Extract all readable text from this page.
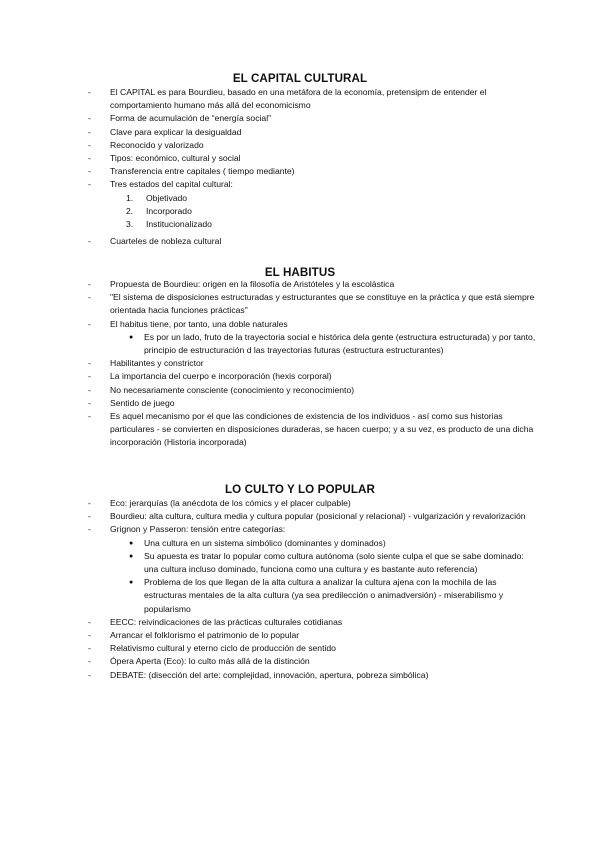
EL CAPITAL CULTURAL
- El CAPITAL es para Bourdieu, basado en una metáfora de la economía, pretensipm de entender el comportamiento humano más allá del economicismo
- Forma de acumulación de “energía social”
- Clave para explicar la desigualdad
- Reconocido y valorizado
- Tipos: económico, cultural y social
- Transferencia entre capitales ( tiempo mediante)
- Tres estados del capital cultural:
1. Objetivado
2. Incorporado
3. Institucionalizado
- Cuarteles de nobleza cultural
EL HABITUS
- Propuesta de Bourdieu: origen en la filosofía de Aristóteles y la escolástica
- "El sistema de disposiciones estructuradas y estructurantes que se constituye en la práctica y que está siempre orientada hacia funciones prácticas"
- El habitus tiene, por tanto, una doble naturales
● Es por un lado, fruto de la trayectoria social e histórica dela gente (estructura estructurada) y por tanto, principio de estructuración d las trayectorias futuras (estructura estructurantes)
- Habilitantes y constrictor
- La importancia del cuerpo e incorporación (hexis corporal)
- No necesariamente consciente (conocimiento y reconocimiento)
- Sentido de juego
- Es aquel mecanismo por el que las condiciones de existencia de los individuos - así como sus historias particulares - se convierten en disposiciones duraderas, se hacen cuerpo; y a su vez, es producto de una dicha incorporación (Historia incorporada)
LO CULTO Y LO POPULAR
- Eco: jerarquías (la anécdota de los cómics y el placer culpable)
- Bourdieu: alta cultura, cultura media y cultura popular (posicional y relacional) - vulgarización y revalorización
- Grignon y Passeron: tensión entre categorías:
● Una cultura en un sistema simbólico (dominantes y dominados)
● Su apuesta es tratar lo popular como cultura autónoma (solo siente culpa el que se sabe dominado: una cultura incluso dominado, funciona como una cultura y es bastante auto referencia)
● Problema de los que llegan de la alta cultura a analizar la cultura ajena con la mochila de las estructuras mentales de la alta cultura (ya sea predilección o animadversión) - miserabilismo y popularismo
- EECC: reivindicaciones de las prácticas culturales cotidianas
- Arrancar el folklorismo el patrimonio de lo popular
- Relativismo cultural y eterno ciclo de producción de sentido
- Ópera Aperta (Eco): lo culto más allá de la distinción
- DEBATE: (disección del arte: complejidad, innovación, apertura, pobreza simbólica)
